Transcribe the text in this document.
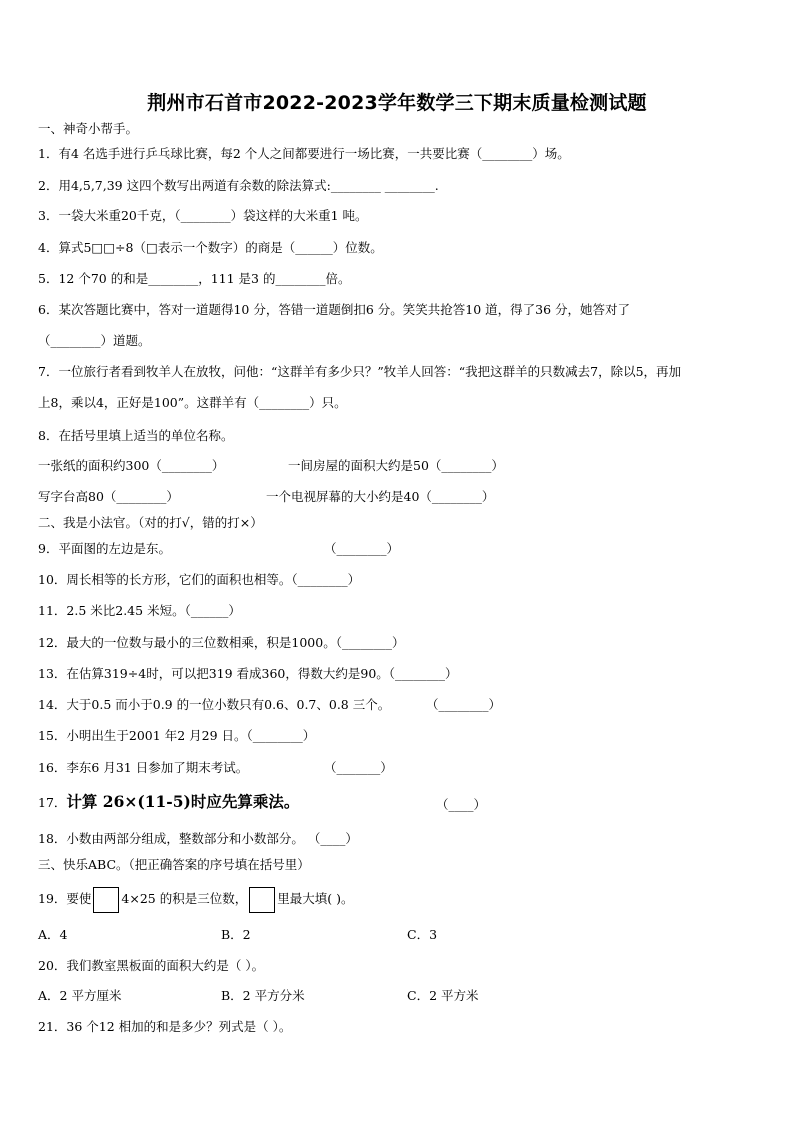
荆州市石首市2022-2023学年数学三下期末质量检测试题
一、神奇小帮手。
1．有4 名选手进行乒乓球比赛，每2 个人之间都要进行一场比赛，一共要比赛（________）场。
2．用4,5,7,39 这四个数写出两道有余数的除法算式:________ ________.
3．一袋大米重20千克，（________）袋这样的大米重1 吨。
4．算式5□□÷8（□表示一个数字）的商是（______）位数。
5．12 个70 的和是________，111 是3 的________倍。
6．某次答题比赛中，答对一道题得10 分，答错一道题倒扣6 分。笑笑共抢答10 道，得了36 分，她答对了
（________）道题。
7．一位旅行者看到牧羊人在放牧，问他：“这群羊有多少只？”牧羊人回答：“我把这群羊的只数减去7，除以5，再加
上8，乘以4，正好是100”。这群羊有（________）只。
8．在括号里填上适当的单位名称。
一张纸的面积约300（________）	一间房屋的面积大约是50（________）
写字台高80（________）	一个电视屏幕的大小约是40（________）
二、我是小法官。（对的打√，错的打×）
9．平面图的左边是东。	（________）
10．周长相等的长方形，它们的面积也相等。（________）
11．2.5 米比2.45 米短。（______）
12．最大的一位数与最小的三位数相乘，积是1000。（________）
13．在估算319÷4时，可以把319 看成360，得数大约是90。（________）
14．大于0.5 而小于0.9 的一位小数只有0.6、0.7、0.8 三个。	（________）
15．小明出生于2001 年2 月29 日。（________）
16．李东6 月31 日参加了期末考试。	（_______）
17．计算 26×(11-5)时应先算乘法。	（____）
18．小数由两部分组成，整数部分和小数部分。 （____）
三、快乐ABC。（把正确答案的序号填在括号里）
19．要使 4×25 的积是三位数， 里最大填( )。
A．4	B．2	C．3
20．我们教室黑板面的面积大约是（ ）。
A．2 平方厘米	B．2 平方分米	C．2 平方米
21．36 个12 相加的和是多少？列式是（ ）。
